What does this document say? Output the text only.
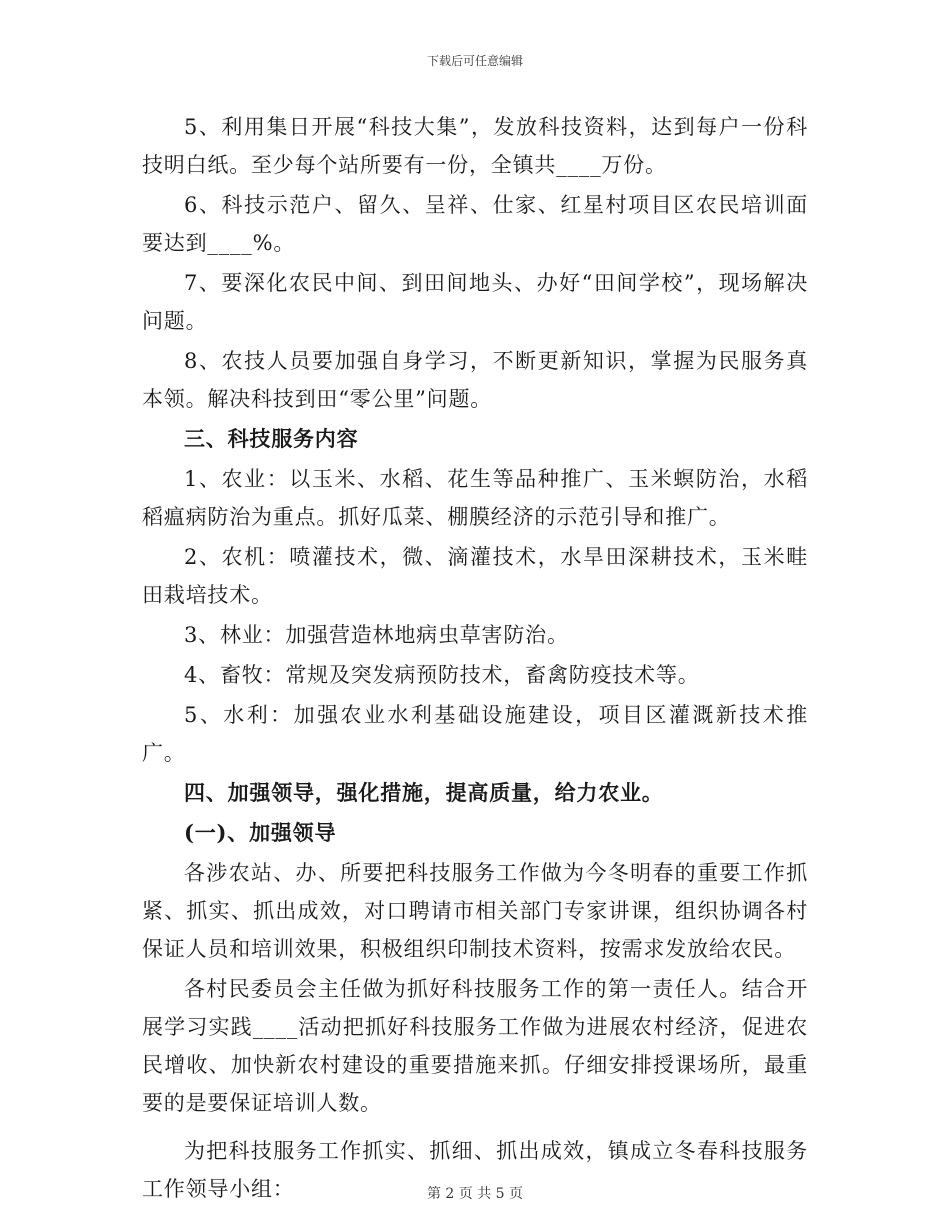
下载后可任意编辑

5、利用集日开展“科技大集”，发放科技资料，达到每户一份科技明白纸。至少每个站所要有一份，全镇共____万份。

6、科技示范户、留久、呈祥、仕家、红星村项目区农民培训面要达到____%。

7、要深化农民中间、到田间地头、办好“田间学校”，现场解决问题。

8、农技人员要加强自身学习，不断更新知识，掌握为民服务真本领。解决科技到田“零公里”问题。

三、科技服务内容

1、农业：以玉米、水稻、花生等品种推广、玉米螟防治，水稻稻瘟病防治为重点。抓好瓜菜、棚膜经济的示范引导和推广。

2、农机：喷灌技术，微、滴灌技术，水旱田深耕技术，玉米畦田栽培技术。

3、林业：加强营造林地病虫草害防治。

4、畜牧：常规及突发病预防技术，畜禽防疫技术等。

5、水利：加强农业水利基础设施建设，项目区灌溉新技术推广。

四、加强领导，强化措施，提高质量，给力农业。

(一)、加强领导

各涉农站、办、所要把科技服务工作做为今冬明春的重要工作抓紧、抓实、抓出成效，对口聘请市相关部门专家讲课，组织协调各村保证人员和培训效果，积极组织印制技术资料，按需求发放给农民。

各村民委员会主任做为抓好科技服务工作的第一责任人。结合开展学习实践____活动把抓好科技服务工作做为进展农村经济，促进农民增收、加快新农村建设的重要措施来抓。仔细安排授课场所，最重要的是要保证培训人数。

为把科技服务工作抓实、抓细、抓出成效，镇成立冬春科技服务工作领导小组：	第 2 页 共 5 页
